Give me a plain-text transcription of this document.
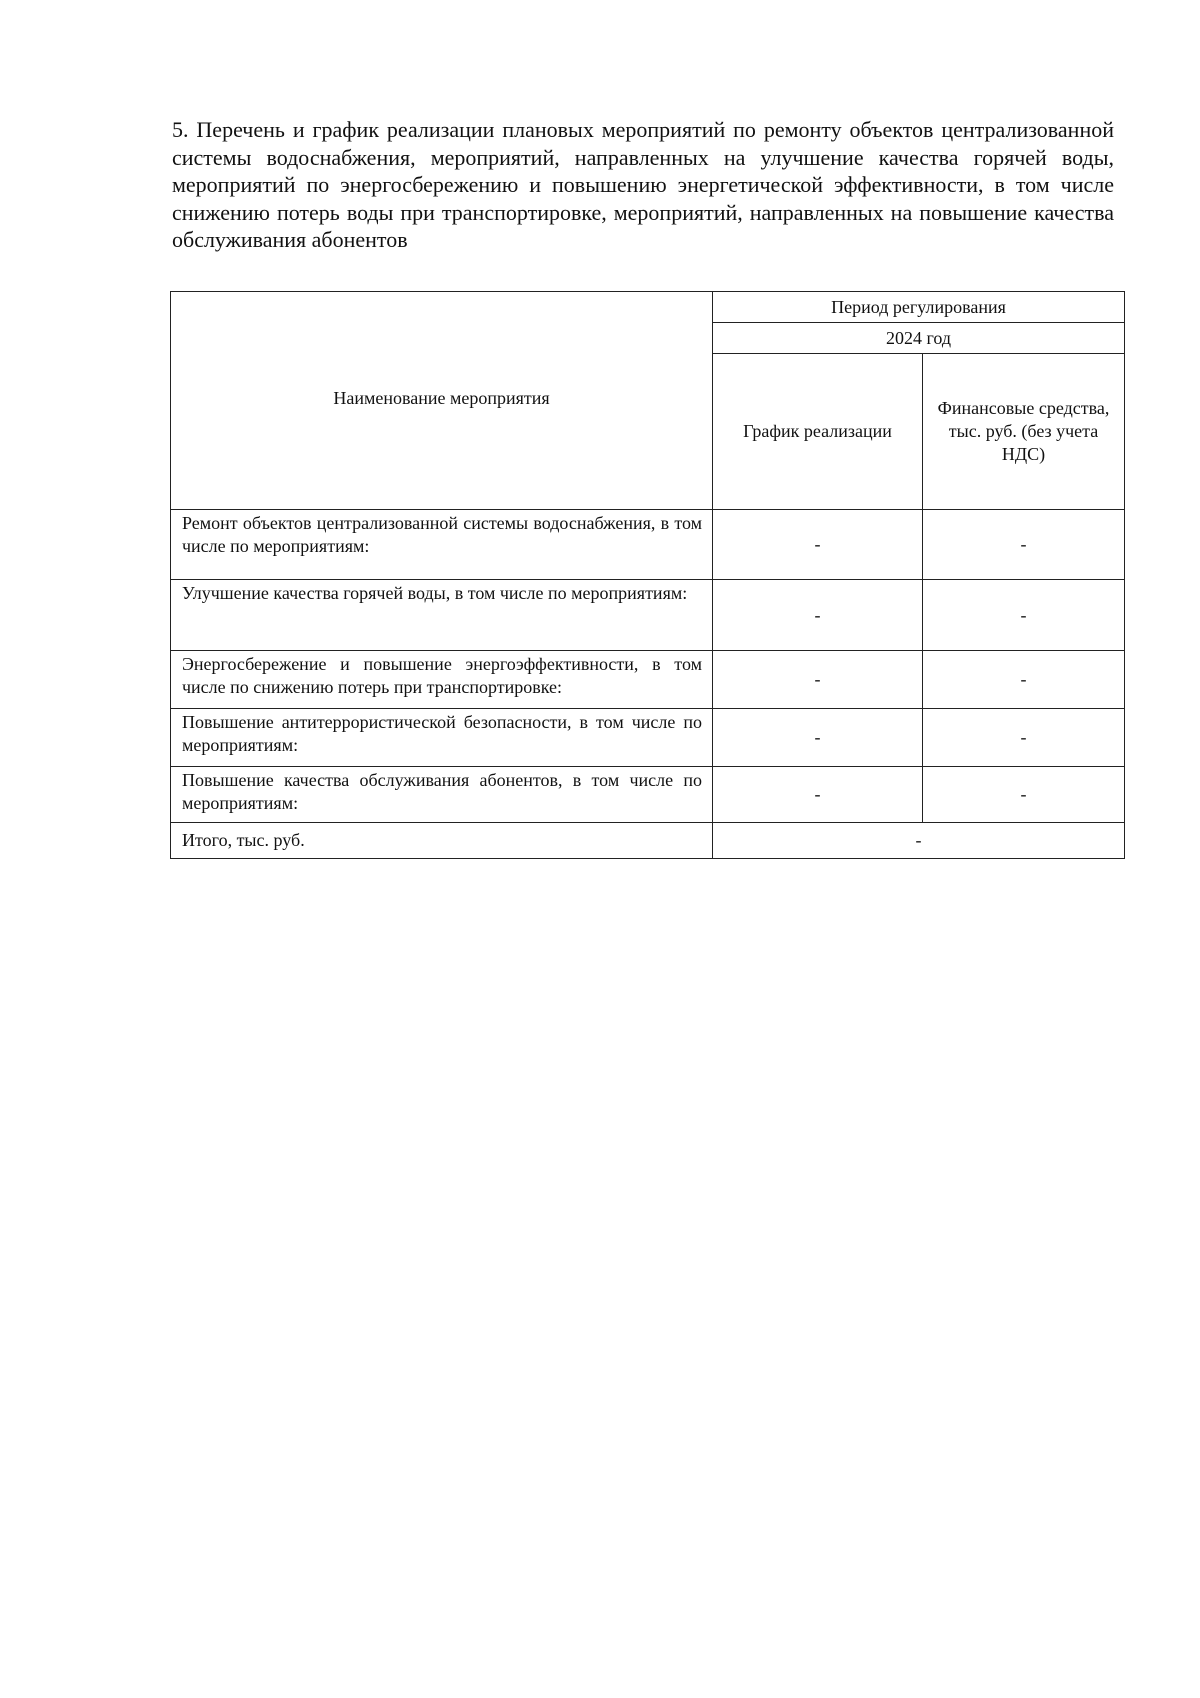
5. Перечень и график реализации плановых мероприятий по ремонту объектов централизованной системы водоснабжения, мероприятий, направленных на улучшение качества горячей воды, мероприятий по энергосбережению и повышению энергетической эффективности, в том числе снижению потерь воды при транспортировке, мероприятий, направленных на повышение качества обслуживания абонентов

Наименование мероприятия	Период регулирования	
	2024 год	
	График реализации	Финансовые средства, тыс. руб. (без учета НДС)
Ремонт объектов централизованной системы водоснабжения, в том числе по мероприятиям:	-	-
Улучшение качества горячей воды, в том числе по мероприятиям:	-	-
Энергосбережение и повышение энергоэффективности, в том числе по снижению потерь при транспортировке:	-	-
Повышение антитеррористической безопасности, в том числе по мероприятиям:	-	-
Повышение качества обслуживания абонентов, в том числе по мероприятиям:	-	-
Итого, тыс. руб.	-	
